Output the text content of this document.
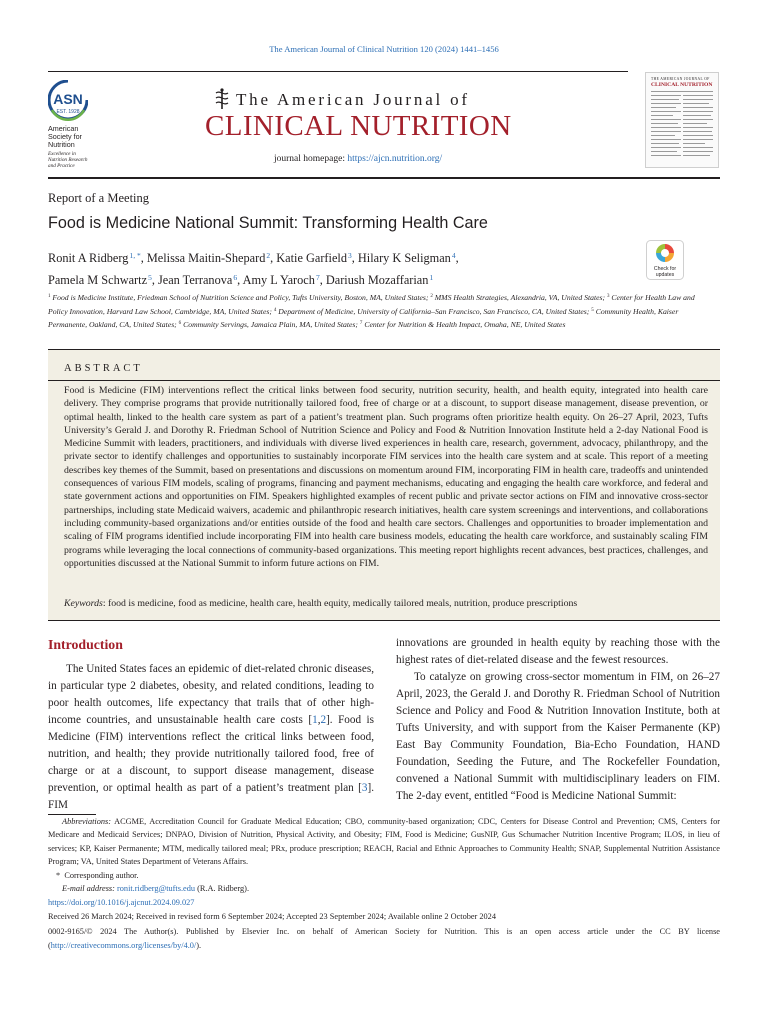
The American Journal of Clinical Nutrition 120 (2024) 1441–1456
ASN
EST. 1928
American
Society for
Nutrition
Excellence in
Nutrition Research
and Practice
The American Journal of
CLINICAL NUTRITION
journal homepage: https://ajcn.nutrition.org/
THE AMERICAN JOURNAL OF
CLINICAL NUTRITION
Report of a Meeting
Food is Medicine National Summit: Transforming Health Care
Check for
updates
Ronit A Ridberg $^{1, *}$, Melissa Maitin-Shepard $^2$, Katie Garfield $^3$, Hilary K Seligman $^4$,
Pamela M Schwartz $^5$, Jean Terranova $^6$, Amy L Yaroch $^7$, Dariush Mozaffarian $^1$
$^1$ Food is Medicine Institute, Friedman School of Nutrition Science and Policy, Tufts University, Boston, MA, United States; $^2$ MMS Health Strategies, Alexandria, VA, United States; $^3$ Center for Health Law and Policy Innovation, Harvard Law School, Cambridge, MA, United States; $^4$ Department of Medicine, University of California–San Francisco, San Francisco, CA, United States; $^5$ Community Health, Kaiser Permanente, Oakland, CA, United States; $^6$ Community Servings, Jamaica Plain, MA, United States; $^7$ Center for Nutrition & Health Impact, Omaha, NE, United States
ABSTRACT
Food is Medicine (FIM) interventions reflect the critical links between food security, nutrition security, health, and health equity, integrated into health care delivery. They comprise programs that provide nutritionally tailored food, free of charge or at a discount, to support disease management, disease prevention, or optimal health, linked to the health care system as part of a patient’s treatment plan. Such programs often prioritize health equity. On 26–27 April, 2023, Tufts University’s Gerald J. and Dorothy R. Friedman School of Nutrition Science and Policy and Food & Nutrition Innovation Institute held a 2-day National Food is Medicine Summit with leaders, practitioners, and individuals with diverse lived experiences in health care, research, government, advocacy, philanthropy, and the private sector to identify challenges and opportunities to sustainably incorporate FIM services into the health care system and at scale. This report of a meeting describes key themes of the Summit, based on presentations and discussions on momentum around FIM, incorporating FIM in health care, tradeoffs and unintended consequences of various FIM models, scaling of programs, financing and payment mechanisms, educating and engaging the health care workforce, and federal and state government actions and opportunities on FIM. Speakers highlighted examples of recent public and private sector actions on FIM and innovative cross-sector partnerships, including state Medicaid waivers, academic and philanthropic research initiatives, health care system screenings and interventions, and collaborations including community-based organizations and/or entities outside of the food and health care sectors. Challenges and opportunities to broader implementation and scaling of FIM programs identified include incorporating FIM into health care business models, educating the health care workforce, and sustainably scaling FIM programs while leveraging the local connections of community-based organizations. This meeting report highlights recent advances, best practices, challenges, and opportunities discussed at the National Summit to inform future actions on FIM.
Keywords: food is medicine, food as medicine, health care, health equity, medically tailored meals, nutrition, produce prescriptions
Introduction

The United States faces an epidemic of diet-related chronic diseases, in particular type 2 diabetes, obesity, and related conditions, leading to poor health outcomes, life expectancy that trails that of other high-income countries, and unsustainable health care costs [1,2]. Food is Medicine (FIM) interventions reflect the critical links between food, nutrition, and health; they provide nutritionally tailored food, free of charge or at a discount, to support disease management, disease prevention, or optimal health as part of a patient’s treatment plan [3]. FIM

innovations are grounded in health equity by reaching those with the highest rates of diet-related disease and the fewest resources.

To catalyze on growing cross-sector momentum in FIM, on 26–27 April, 2023, the Gerald J. and Dorothy R. Friedman School of Nutrition Science and Policy and Food & Nutrition Innovation Institute, both at Tufts University, and with support from the Kaiser Permanente (KP) East Bay Community Foundation, Bia-Echo Foundation, HAND Foundation, Seeding the Future, and The Rockefeller Foundation, convened a National Summit with multidisciplinary leaders on FIM. The 2-day event, entitled “Food is Medicine National Summit:

Abbreviations: ACGME, Accreditation Council for Graduate Medical Education; CBO, community-based organization; CDC, Centers for Disease Control and Prevention; CMS, Centers for Medicare and Medicaid Services; DNPAO, Division of Nutrition, Physical Activity, and Obesity; FIM, Food is Medicine; GusNIP, Gus Schumacher Nutrition Incentive Program; ILOS, in lieu of services; KP, Kaiser Permanente; MTM, medically tailored meal; PRx, produce prescription; REACH, Racial and Ethnic Approaches to Community Health; SNAP, Supplemental Nutrition Assistance Program; VA, United States Department of Veterans Affairs.

* Corresponding author.

E-mail address: ronit.ridberg@tufts.edu (R.A. Ridberg).

https://doi.org/10.1016/j.ajcnut.2024.09.027
Received 26 March 2024; Received in revised form 6 September 2024; Accepted 23 September 2024; Available online 2 October 2024
0002-9165/© 2024 The Author(s). Published by Elsevier Inc. on behalf of American Society for Nutrition. This is an open access article under the CC BY license (http://creativecommons.org/licenses/by/4.0/).
